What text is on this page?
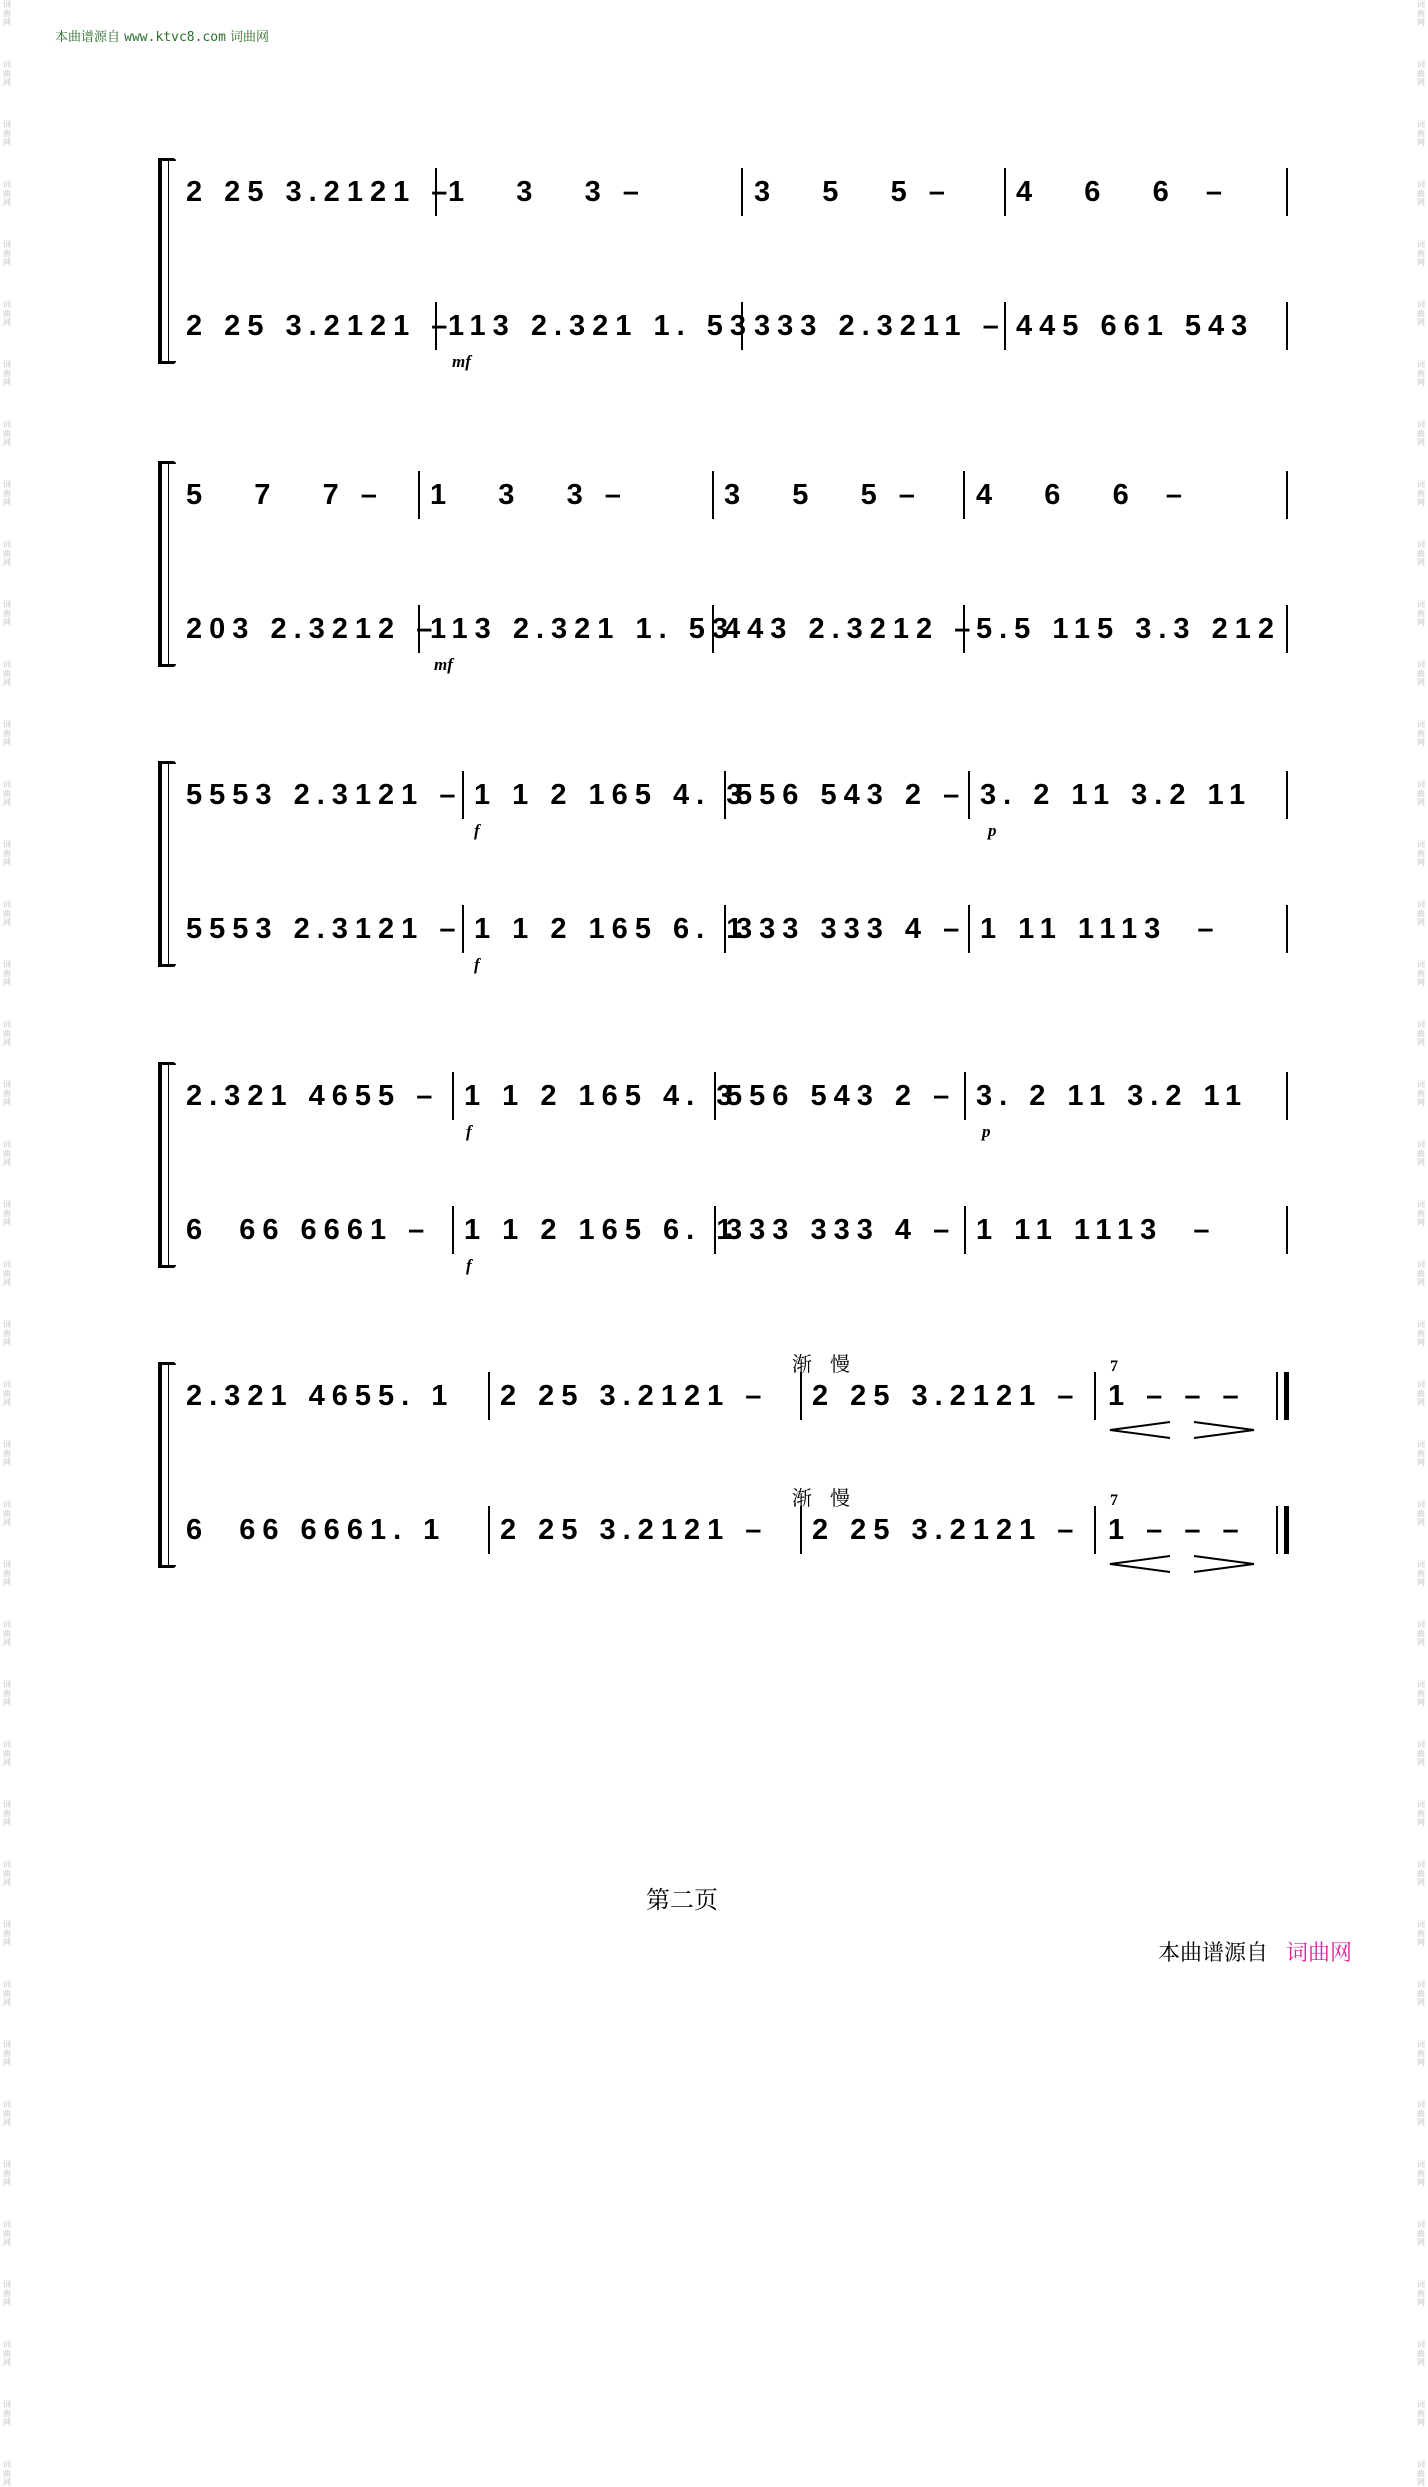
词
曲
网
词
曲
网
词
曲
网
词
曲
网
词
曲
网
词
曲
网
词
曲
网
词
曲
网
词
曲
网
词
曲
网
词
曲
网
词
曲
网
词
曲
网
词
曲
网
词
曲
网
词
曲
网
词
曲
网
词
曲
网
词
曲
网
词
曲
网
词
曲
网
词
曲
网
词
曲
网
词
曲
网
词
曲
网
词
曲
网
词
曲
网
词
曲
网
词
曲
网
词
曲
网
词
曲
网
词
曲
网
词
曲
网
词
曲
网
词
曲
网
词
曲
网
词
曲
网
词
曲
网
词
曲
网
词
曲
网
词
曲
网
词
曲
网
词
曲
网
词
曲
网
词
曲
网
词
曲
网
词
曲
网
词
曲
网
词
曲
网
词
曲
网
词
曲
网
词
曲
网
词
曲
网
词
曲
网
词
曲
网
词
曲
网
词
曲
网
词
曲
网
词
曲
网
词
曲
网
词
曲
网
词
曲
网
词
曲
网
词
曲
网
词
曲
网
词
曲
网
词
曲
网
词
曲
网
词
曲
网
词
曲
网
词
曲
网
词
曲
网
词
曲
网
词
曲
网
词
曲
网
词
曲
网
词
曲
网
词
曲
网
词
曲
网
词
曲
网
词
曲
网
词
曲
网
词
曲
网
词
曲
网
本曲谱源自 www.ktvc8.com 词曲网
2 25 3.2121 –
1   3   3 –	3   5   5 – 4   6   6  –
2 25 3.2121 –
113 2.321 1. 53 333 2.3211 – 445 661 543
mf
5   7   7 – 1   3   3 –	3   5   5 – 4   6   6  –
203 2.3212 –
113 2.321 1. 53
443 2.3212 –
5.5 115 3.3 212
mf
5553 2.3121 – 1 1 2 165 4. 3
556 543 2 – 3. 2 11 3.2 11
f	p
5553 2.3121 – 1 1 2 165 6. 1
333 333 4 – 1 11 1113  –
f
2.321 4655 – 1 1 2 165 4. 3
556 543 2 – 3. 2 11 3.2 11
f	p
6  66 6661 – 1 1 2 165 6. 1
333 333 4 – 1 11 1113  –
f
渐慢
2.321 4655. 1 2 25 3.2121 – 2 25 3.2121 –
7
1 – – –
渐慢
6  66 6661. 1 2 25 3.2121 – 2 25 3.2121 –
7
1 – – –
第二页
本曲谱源自 词曲网
